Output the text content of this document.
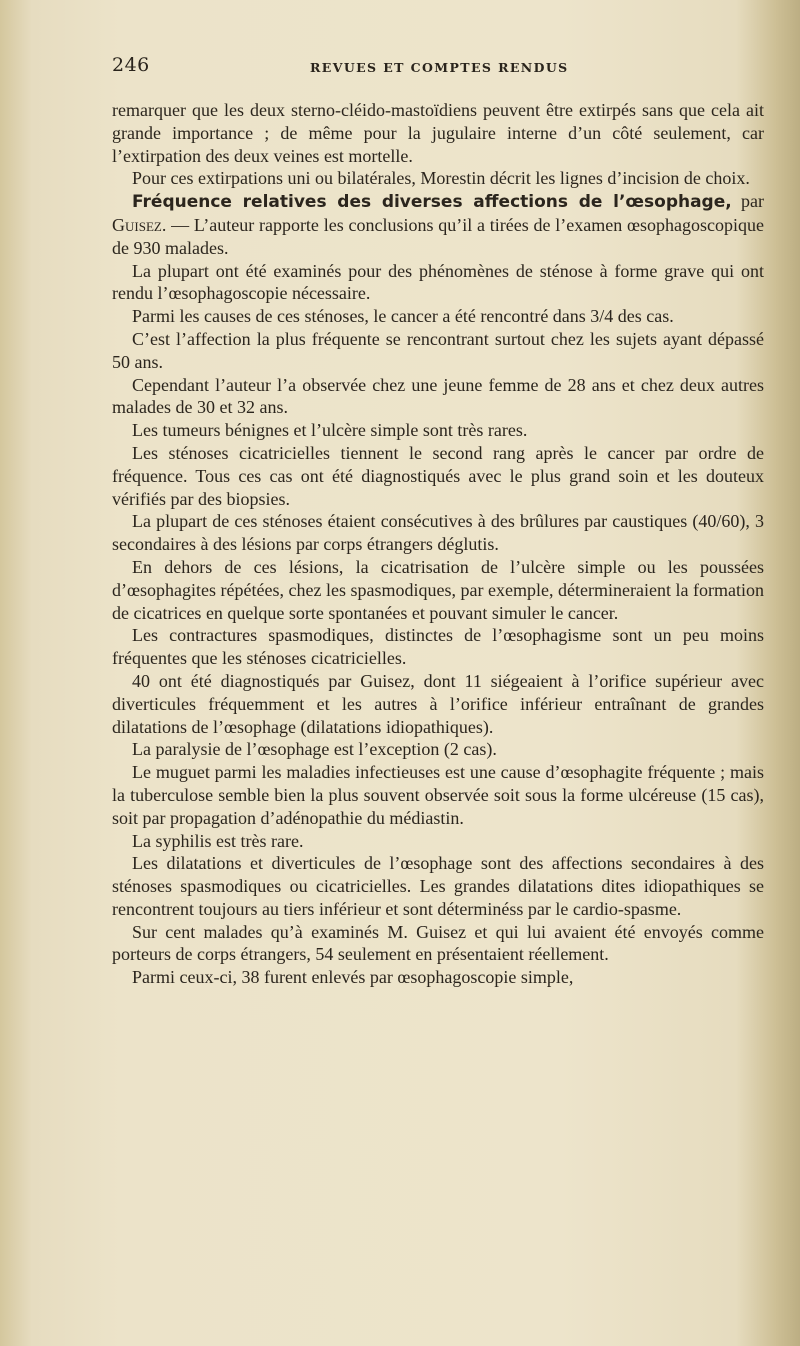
246	REVUES ET COMPTES RENDUS

remarquer que les deux sterno-cléido-mastoïdiens peuvent être extirpés sans que cela ait grande importance ; de même pour la jugulaire interne d’un côté seulement, car l’extirpation des deux veines est mortelle.

Pour ces extirpations uni ou bilatérales, Morestin décrit les lignes d’incision de choix.

Fréquence relatives des diverses affections de l’œsophage, par Guisez. — L’auteur rapporte les conclusions qu’il a tirées de l’examen œsophagoscopique de 930 malades.

La plupart ont été examinés pour des phénomènes de sténose à forme grave qui ont rendu l’œsophagoscopie nécessaire.

Parmi les causes de ces sténoses, le cancer a été rencontré dans 3/4 des cas.

C’est l’affection la plus fréquente se rencontrant surtout chez les sujets ayant dépassé 50 ans.

Cependant l’auteur l’a observée chez une jeune femme de 28 ans et chez deux autres malades de 30 et 32 ans.

Les tumeurs bénignes et l’ulcère simple sont très rares.

Les sténoses cicatricielles tiennent le second rang après le cancer par ordre de fréquence. Tous ces cas ont été diagnostiqués avec le plus grand soin et les douteux vérifiés par des biopsies.

La plupart de ces sténoses étaient consécutives à des brûlures par caustiques (40/60), 3 secondaires à des lésions par corps étrangers déglutis.

En dehors de ces lésions, la cicatrisation de l’ulcère simple ou les poussées d’œsophagites répétées, chez les spasmodiques, par exemple, détermineraient la formation de cicatrices en quelque sorte spontanées et pouvant simuler le cancer.

Les contractures spasmodiques, distinctes de l’œsophagisme sont un peu moins fréquentes que les sténoses cicatricielles.

40 ont été diagnostiqués par Guisez, dont 11 siégeaient à l’orifice supérieur avec diverticules fréquemment et les autres à l’orifice inférieur entraînant de grandes dilatations de l’œsophage (dilatations idiopathiques).

La paralysie de l’œsophage est l’exception (2 cas).

Le muguet parmi les maladies infectieuses est une cause d’œsophagite fréquente ; mais la tuberculose semble bien la plus souvent observée soit sous la forme ulcéreuse (15 cas), soit par propagation d’adénopathie du médiastin.

La syphilis est très rare.

Les dilatations et diverticules de l’œsophage sont des affections secondaires à des sténoses spasmodiques ou cicatricielles. Les grandes dilatations dites idiopathiques se rencontrent toujours au tiers inférieur et sont déterminéss par le cardio-spasme.

Sur cent malades qu’à examinés M. Guisez et qui lui avaient été envoyés comme porteurs de corps étrangers, 54 seulement en présentaient réellement.

Parmi ceux-ci, 38 furent enlevés par œsophagoscopie simple,
